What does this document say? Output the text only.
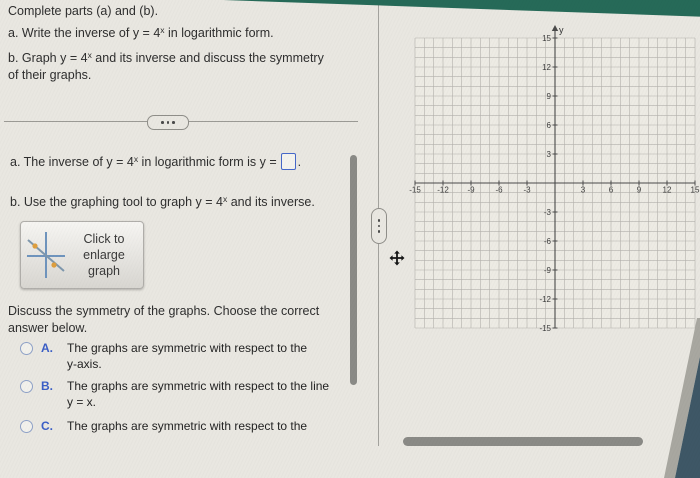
Complete parts (a) and (b).
a. Write the inverse of $y = 4^x$ in logarithmic form.
b. Graph $y = 4^x$ and its inverse and discuss the symmetry
of their graphs.
a. The inverse of $y = 4^x$ in logarithmic form is y = .
b. Use the graphing tool to graph $y = 4^x$ and its inverse.
Click to enlarge graph
Discuss the symmetry of the graphs. Choose the correct
answer below.
A.	The graphs are symmetric with respect to the
y-axis.
B.	The graphs are symmetric with respect to the line
y = x.
C.	The graphs are symmetric with respect to the
y
-15 -12 -9	-6	-3	3	6	9	12 15
15
12
9
6
3
-3
-6
-9
-12
-15
